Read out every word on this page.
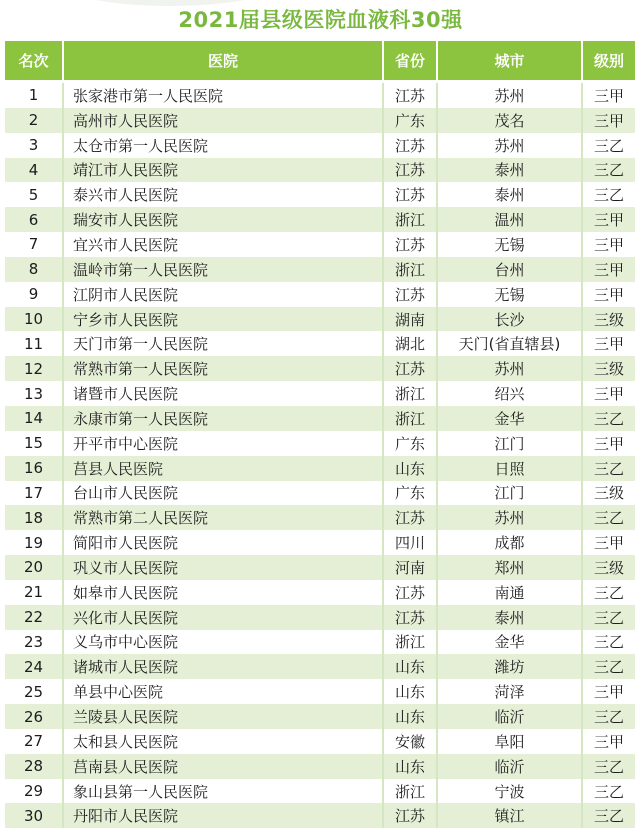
2021届县级医院血液科30强
名次	医院	省份	城市	级别
1	张家港市第一人民医院	江苏	苏州	三甲
2	高州市人民医院	广东	茂名	三甲
3	太仓市第一人民医院	江苏	苏州	三乙
4	靖江市人民医院	江苏	泰州	三乙
5	泰兴市人民医院	江苏	泰州	三乙
6	瑞安市人民医院	浙江	温州	三甲
7	宜兴市人民医院	江苏	无锡	三甲
8	温岭市第一人民医院	浙江	台州	三甲
9	江阴市人民医院	江苏	无锡	三甲
10	宁乡市人民医院	湖南	长沙	三级
11	天门市第一人民医院	湖北	天门(省直辖县)	三甲
12	常熟市第一人民医院	江苏	苏州	三级
13	诸暨市人民医院	浙江	绍兴	三甲
14	永康市第一人民医院	浙江	金华	三乙
15	开平市中心医院	广东	江门	三甲
16	莒县人民医院	山东	日照	三乙
17	台山市人民医院	广东	江门	三级
18	常熟市第二人民医院	江苏	苏州	三乙
19	简阳市人民医院	四川	成都	三甲
20	巩义市人民医院	河南	郑州	三级
21	如皋市人民医院	江苏	南通	三乙
22	兴化市人民医院	江苏	泰州	三乙
23	义乌市中心医院	浙江	金华	三乙
24	诸城市人民医院	山东	潍坊	三乙
25	单县中心医院	山东	菏泽	三甲
26	兰陵县人民医院	山东	临沂	三乙
27	太和县人民医院	安徽	阜阳	三甲
28	莒南县人民医院	山东	临沂	三乙
29	象山县第一人民医院	浙江	宁波	三乙
30	丹阳市人民医院	江苏	镇江	三乙
